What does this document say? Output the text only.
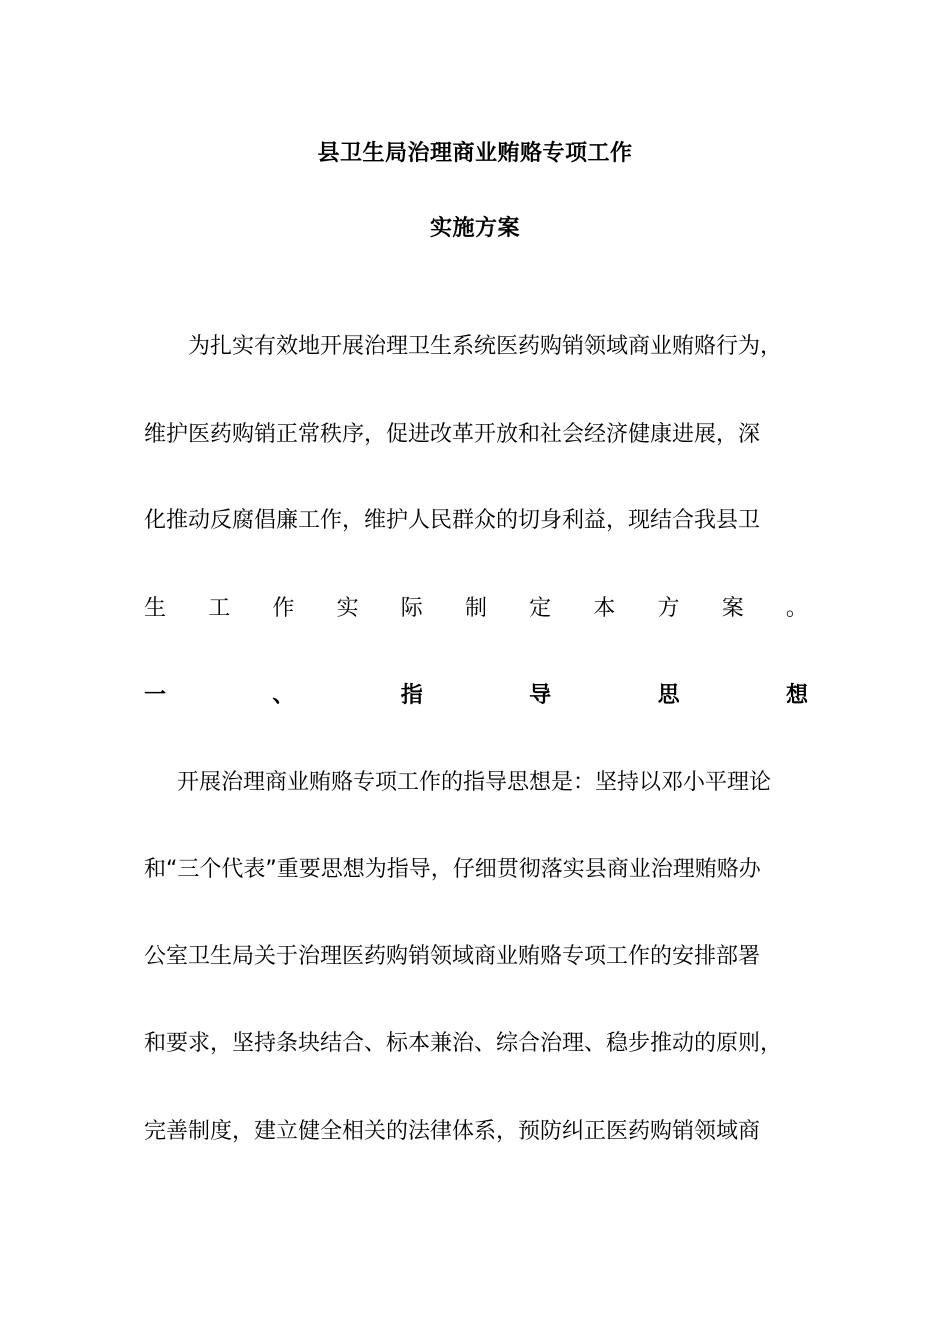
县卫生局治理商业贿赂专项工作
实施方案
为扎实有效地开展治理卫生系统医药购销领域商业贿赂行为，
维护医药购销正常秩序，促进改革开放和社会经济健康进展，深
化推动反腐倡廉工作，维护人民群众的切身利益，现结合我县卫
生 工 作 实 际 制 定 本 方 案 。
一	、	指	导	思	想
开展治理商业贿赂专项工作的指导思想是：坚持以邓小平理论
和“三个代表”重要思想为指导，仔细贯彻落实县商业治理贿赂办
公室卫生局关于治理医药购销领域商业贿赂专项工作的安排部署
和要求，坚持条块结合、标本兼治、综合治理、稳步推动的原则，
完善制度，建立健全相关的法律体系，预防纠正医药购销领域商
